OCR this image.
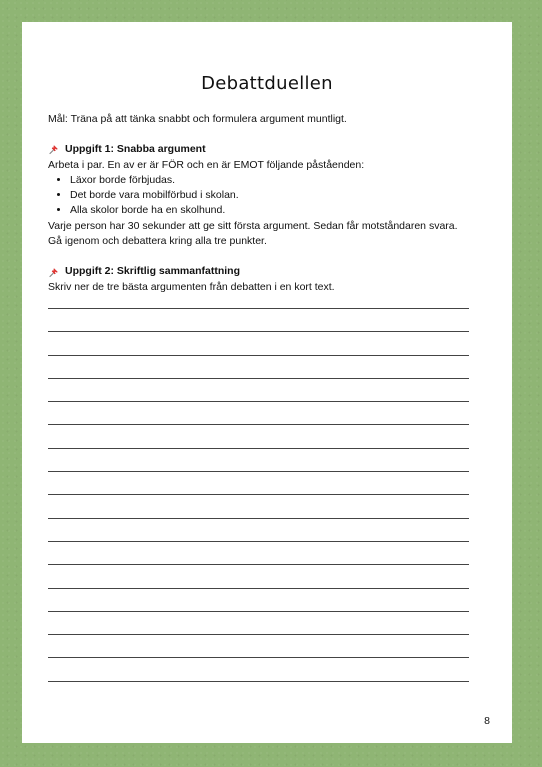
Debattduellen

Mål: Träna på att tänka snabbt och formulera argument muntligt.

Uppgift 1: Snabba argument

Arbeta i par. En av er är FÖR och en är EMOT följande påståenden:

• Läxor borde förbjudas.
• Det borde vara mobilförbud i skolan.
• Alla skolor borde ha en skolhund.

Varje person har 30 sekunder att ge sitt första argument. Sedan får motståndaren svara.

Gå igenom och debattera kring alla tre punkter.

Uppgift 2: Skriftlig sammanfattning

Skriv ner de tre bästa argumenten från debatten i en kort text.

8
